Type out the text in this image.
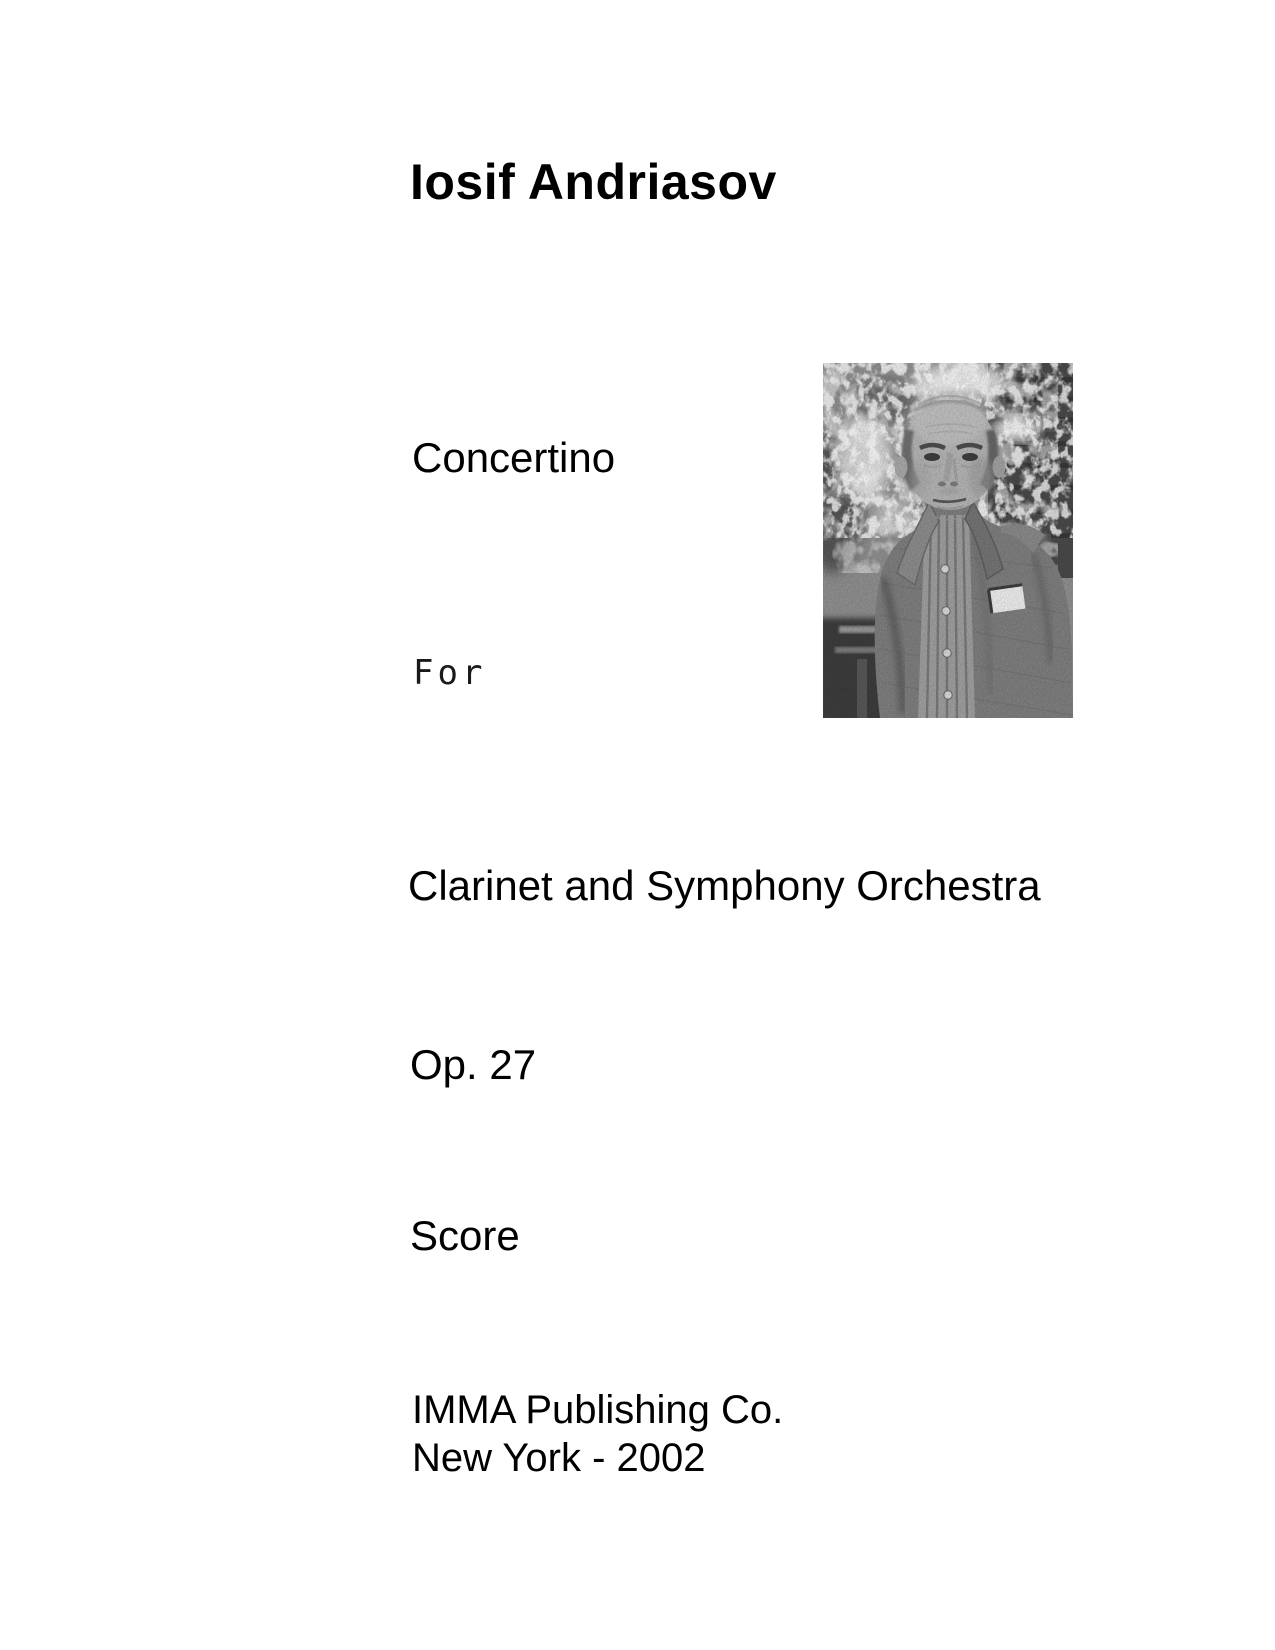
Iosif Andriasov
Concertino
For
Clarinet and Symphony Orchestra
Op. 27
Score
IMMA Publishing Co.
New York - 2002
